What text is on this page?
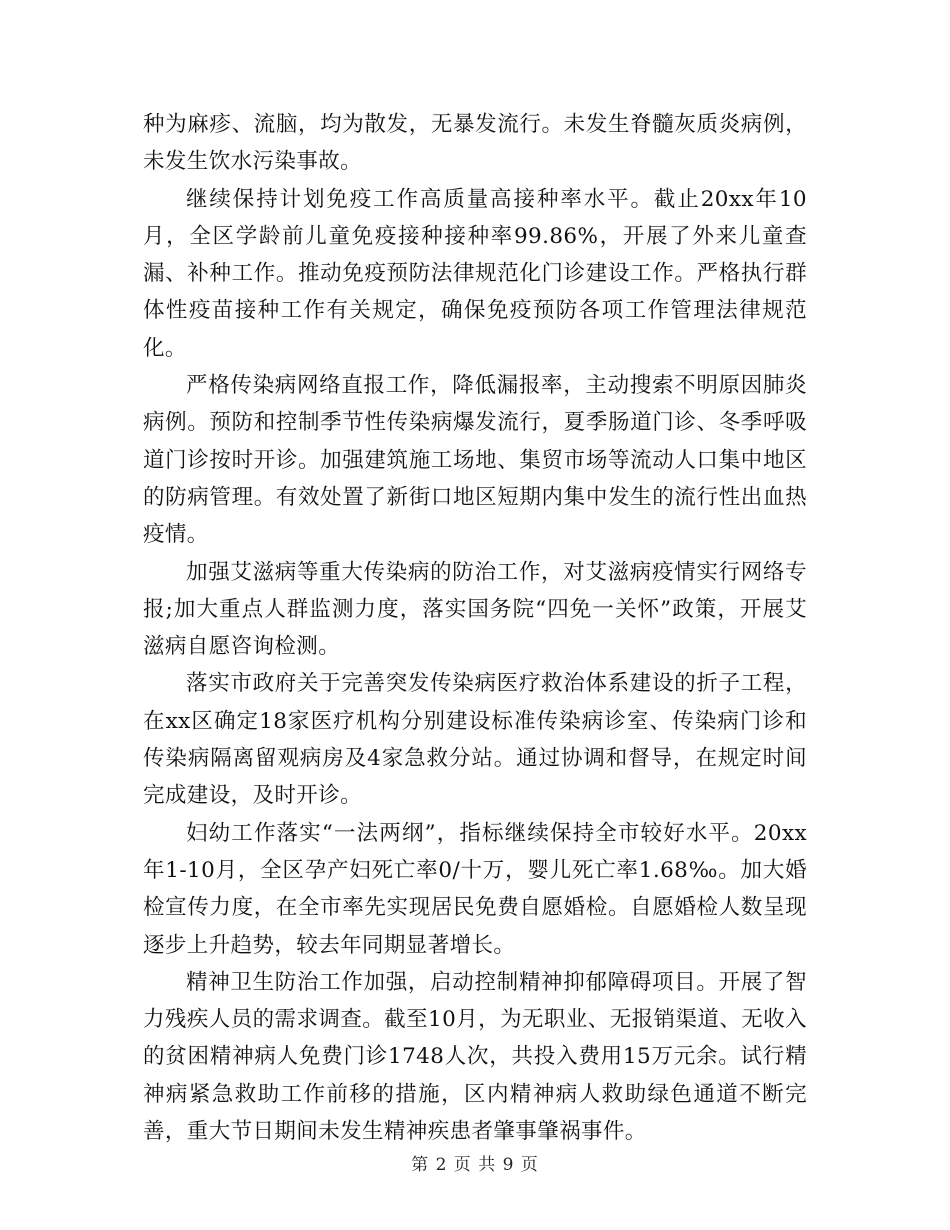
种为麻疹、流脑，均为散发，无暴发流行。未发生脊髓灰质炎病例，未发生饮水污染事故。

继续保持计划免疫工作高质量高接种率水平。截止20xx年10月，全区学龄前儿童免疫接种接种率99.86%，开展了外来儿童查漏、补种工作。推动免疫预防法律规范化门诊建设工作。严格执行群体性疫苗接种工作有关规定，确保免疫预防各项工作管理法律规范化。

严格传染病网络直报工作，降低漏报率，主动搜索不明原因肺炎病例。预防和控制季节性传染病爆发流行，夏季肠道门诊、冬季呼吸道门诊按时开诊。加强建筑施工场地、集贸市场等流动人口集中地区的防病管理。有效处置了新街口地区短期内集中发生的流行性出血热疫情。

加强艾滋病等重大传染病的防治工作，对艾滋病疫情实行网络专报;加大重点人群监测力度，落实国务院“四免一关怀”政策，开展艾滋病自愿咨询检测。

落实市政府关于完善突发传染病医疗救治体系建设的折子工程，在xx区确定18家医疗机构分别建设标准传染病诊室、传染病门诊和传染病隔离留观病房及4家急救分站。通过协调和督导，在规定时间完成建设，及时开诊。

妇幼工作落实“一法两纲”，指标继续保持全市较好水平。20xx年1-10月，全区孕产妇死亡率0/十万，婴儿死亡率1.68‰。加大婚检宣传力度，在全市率先实现居民免费自愿婚检。自愿婚检人数呈现逐步上升趋势，较去年同期显著增长。

精神卫生防治工作加强，启动控制精神抑郁障碍项目。开展了智力残疾人员的需求调查。截至10月，为无职业、无报销渠道、无收入的贫困精神病人免费门诊1748人次，共投入费用15万元余。试行精神病紧急救助工作前移的措施，区内精神病人救助绿色通道不断完善，重大节日期间未发生精神疾患者肇事肇祸事件。

第 2 页 共 9 页
